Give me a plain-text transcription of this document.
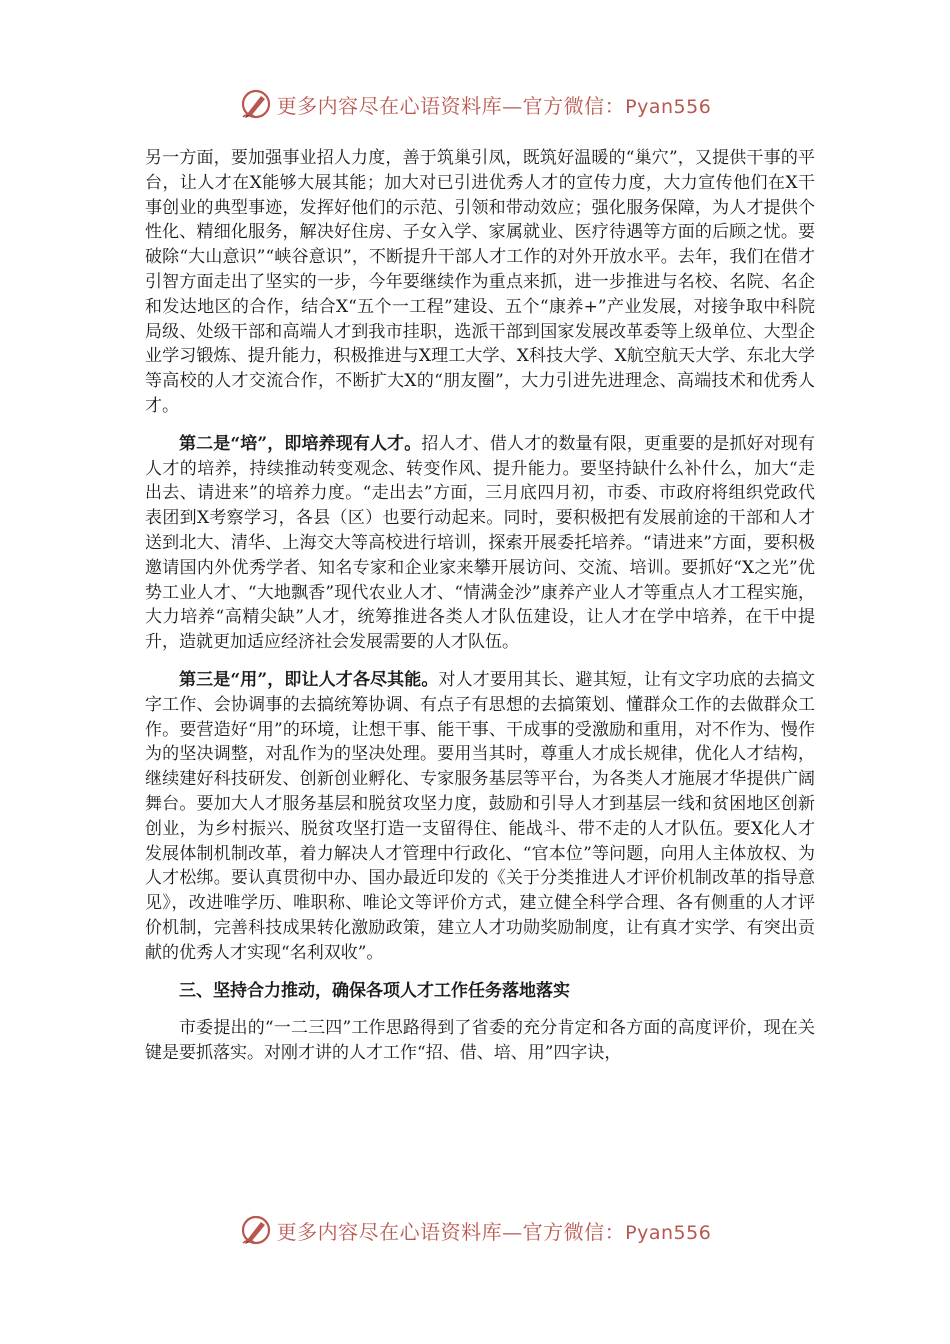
更多内容尽在心语资料库—官方微信：Pyan556

另一方面，要加强事业招人力度，善于筑巢引凤，既筑好温暖的“巢穴”，又提供干事的平台，让人才在X能够大展其能；加大对已引进优秀人才的宣传力度，大力宣传他们在X干事创业的典型事迹，发挥好他们的示范、引领和带动效应；强化服务保障，为人才提供个性化、精细化服务，解决好住房、子女入学、家属就业、医疗待遇等方面的后顾之忧。要破除“大山意识”“峡谷意识”，不断提升干部人才工作的对外开放水平。去年，我们在借才引智方面走出了坚实的一步，今年要继续作为重点来抓，进一步推进与名校、名院、名企和发达地区的合作，结合X“五个一工程”建设、五个“康养+”产业发展，对接争取中科院局级、处级干部和高端人才到我市挂职，选派干部到国家发展改革委等上级单位、大型企业学习锻炼、提升能力，积极推进与X理工大学、X科技大学、X航空航天大学、东北大学等高校的人才交流合作，不断扩大X的“朋友圈”，大力引进先进理念、高端技术和优秀人才。

第二是“培”，即培养现有人才。招人才、借人才的数量有限，更重要的是抓好对现有人才的培养，持续推动转变观念、转变作风、提升能力。要坚持缺什么补什么，加大“走出去、请进来”的培养力度。“走出去”方面，三月底四月初，市委、市政府将组织党政代表团到X考察学习，各县（区）也要行动起来。同时，要积极把有发展前途的干部和人才送到北大、清华、上海交大等高校进行培训，探索开展委托培养。“请进来”方面，要积极邀请国内外优秀学者、知名专家和企业家来攀开展访问、交流、培训。要抓好“X之光”优势工业人才、“大地飘香”现代农业人才、“情满金沙”康养产业人才等重点人才工程实施，大力培养“高精尖缺”人才，统筹推进各类人才队伍建设，让人才在学中培养，在干中提升，造就更加适应经济社会发展需要的人才队伍。

第三是“用”，即让人才各尽其能。对人才要用其长、避其短，让有文字功底的去搞文字工作、会协调事的去搞统筹协调、有点子有思想的去搞策划、懂群众工作的去做群众工作。要营造好“用”的环境，让想干事、能干事、干成事的受激励和重用，对不作为、慢作为的坚决调整，对乱作为的坚决处理。要用当其时，尊重人才成长规律，优化人才结构，继续建好科技研发、创新创业孵化、专家服务基层等平台，为各类人才施展才华提供广阔舞台。要加大人才服务基层和脱贫攻坚力度，鼓励和引导人才到基层一线和贫困地区创新创业，为乡村振兴、脱贫攻坚打造一支留得住、能战斗、带不走的人才队伍。要X化人才发展体制机制改革，着力解决人才管理中行政化、“官本位”等问题，向用人主体放权、为人才松绑。要认真贯彻中办、国办最近印发的《关于分类推进人才评价机制改革的指导意见》，改进唯学历、唯职称、唯论文等评价方式，建立健全科学合理、各有侧重的人才评价机制，完善科技成果转化激励政策，建立人才功勋奖励制度，让有真才实学、有突出贡献的优秀人才实现“名利双收”。

三、坚持合力推动，确保各项人才工作任务落地落实

市委提出的“一二三四”工作思路得到了省委的充分肯定和各方面的高度评价，现在关键是要抓落实。对刚才讲的人才工作“招、借、培、用”四字诀，

更多内容尽在心语资料库—官方微信：Pyan556
